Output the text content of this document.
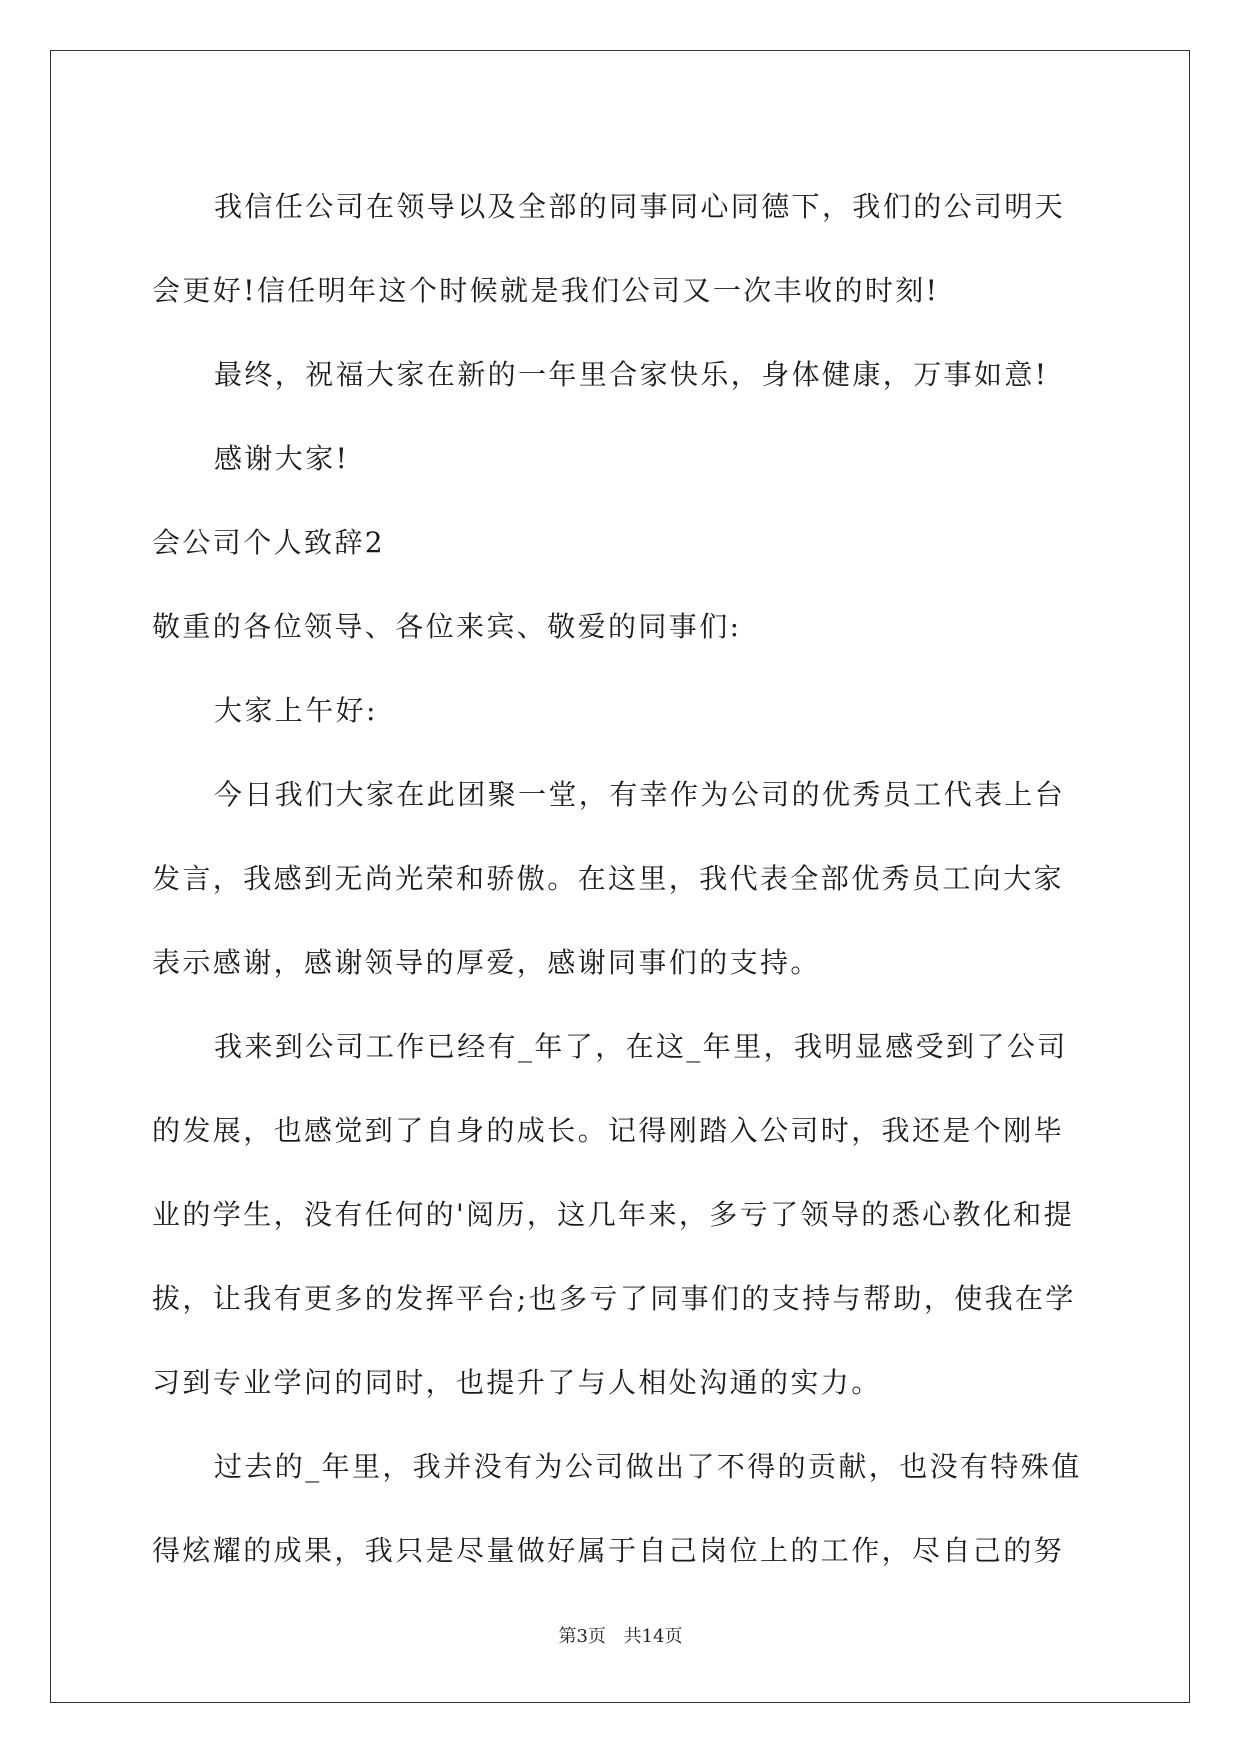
我信任公司在领导以及全部的同事同心同德下，我们的公司明天会更好!信任明年这个时候就是我们公司又一次丰收的时刻!

最终，祝福大家在新的一年里合家快乐，身体健康，万事如意!

感谢大家!

会公司个人致辞2

敬重的各位领导、各位来宾、敬爱的同事们:

大家上午好:

今日我们大家在此团聚一堂，有幸作为公司的优秀员工代表上台发言，我感到无尚光荣和骄傲。在这里，我代表全部优秀员工向大家表示感谢，感谢领导的厚爱，感谢同事们的支持。

我来到公司工作已经有_年了，在这_年里，我明显感受到了公司的发展，也感觉到了自身的成长。记得刚踏入公司时，我还是个刚毕业的学生，没有任何的'阅历，这几年来，多亏了领导的悉心教化和提拔，让我有更多的发挥平台;也多亏了同事们的支持与帮助，使我在学习到专业学问的同时，也提升了与人相处沟通的实力。

过去的_年里，我并没有为公司做出了不得的贡献，也没有特殊值得炫耀的成果，我只是尽量做好属于自己岗位上的工作，尽自己的努

第3页 共14页
